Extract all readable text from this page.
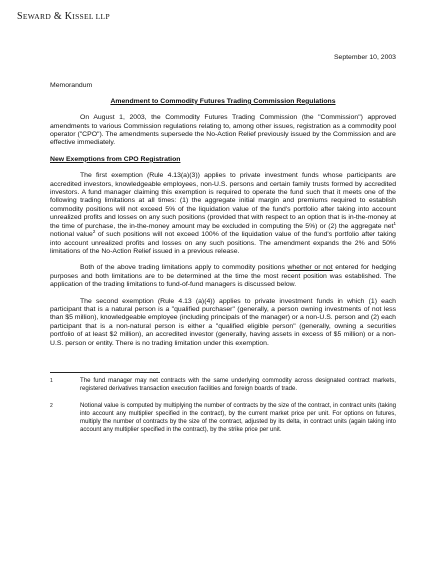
SEWARD & KISSEL LLP
September 10, 2003
Memorandum
Amendment to Commodity Futures Trading Commission Regulations

On August 1, 2003, the Commodity Futures Trading Commission (the "Commission") approved amendments to various Commission regulations relating to, among other issues, registration as a commodity pool operator ("CPO"). The amendments supersede the No-Action Relief previously issued by the Commission and are effective immediately.

New Exemptions from CPO Registration

The first exemption (Rule 4.13(a)(3)) applies to private investment funds whose participants are accredited investors, knowledgeable employees, non-U.S. persons and certain family trusts formed by accredited investors. A fund manager claiming this exemption is required to operate the fund such that it meets one of the following trading limitations at all times: (1) the aggregate initial margin and premiums required to establish commodity positions will not exceed 5% of the liquidation value of the fund's portfolio after taking into account unrealized profits and losses on any such positions (provided that with respect to an option that is in-the-money at the time of purchase, the in-the-money amount may be excluded in computing the 5%) or (2) the aggregate net$^1$ notional value$^2$ of such positions will not exceed 100% of the liquidation value of the fund's portfolio after taking into account unrealized profits and losses on any such positions. The amendment expands the 2% and 50% limitations of the No-Action Relief issued in a previous release.

Both of the above trading limitations apply to commodity positions whether or not entered for hedging purposes and both limitations are to be determined at the time the most recent position was established. The application of the trading limitations to fund-of-fund managers is discussed below.

The second exemption (Rule 4.13 (a)(4)) applies to private investment funds in which (1) each participant that is a natural person is a "qualified purchaser" (generally, a person owning investments of not less than $5 million), knowledgeable employee (including principals of the manager) or a non-U.S. person and (2) each participant that is a non-natural person is either a "qualified eligible person" (generally, owning a securities portfolio of at least $2 million), an accredited investor (generally, having assets in excess of $5 million) or a non-U.S. person or entity. There is no trading limitation under this exemption.

1	The fund manager may net contracts with the same underlying commodity across designated contract markets, registered derivatives transaction execution facilities and foreign boards of trade.
2	Notional value is computed by multiplying the number of contracts by the size of the contract, in contract units (taking into account any multiplier specified in the contract), by the current market price per unit. For options on futures, multiply the number of contracts by the size of the contract, adjusted by its delta, in contract units (again taking into account any multiplier specified in the contract), by the strike price per unit.
